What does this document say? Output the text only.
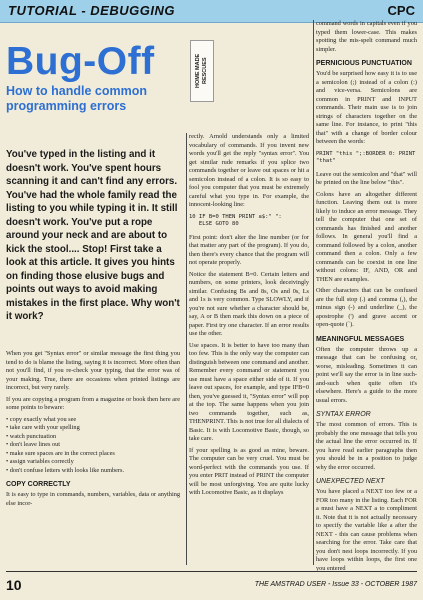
TUTORIAL - DEBUGGING	CPC
Bug-Off

How to handle common programming errors

HOME MADE RESCUES

You've typed in the listing and it doesn't work. You've spent hours scanning it and can't find any errors. You've had the whole family read the listing to you while typing it in. It still doesn't work. You've put a rope around your neck and are about to kick the stool.... Stop! First take a look at this article. It gives you hints on finding those elusive bugs and points out ways to avoid making mistakes in the first place. Why won't it work?

When you get "Syntax error" or similar message the first thing you tend to do is blame the listing, saying it is incorrect. More often than not you'll find, if you re-check your typing, that the error was of your making. True, there are occasions when printed listings are incorrect, but very rarely.

If you are copying a program from a magazine or book then here are some points to beware:

• copy exactly what you see
• take care with your spelling
• watch punctuation
• don't leave lines out
• make sure spaces are in the correct places
• assign variables correctly
• don't confuse letters with looks like numbers.
COPY CORRECTLY

It is easy to type in commands, numbers, variables, data or anything else incor-

rectly. Arnold understands only a limited vocabulary of commands. If you invent new words you'll get the reply "syntax error". You get similar rude remarks if you splice two commands together or leave out spaces or hit a semicolon instead of a colon. It is so easy to fool you computer that you must be extremely careful what you type in. For example, the innocent-looking line:

10 IF B=0 THEN PRINT a$:" ":
ELSE GOTO 80

First point: don't alter the line number (or for that matter any part of the program). If you do, then there's every chance that the program will not operate properly.

Notice the statement B=0. Certain letters and numbers, on some printers, look deceivingly similar. Confusing Bs and 8s, Os and 0s, Ls and 1s is very common. Type SLOWLY, and if you're not sure whether a character should be, say, A or B then mark this down on a piece of paper. First try one character. If an error results use the other.

Use spaces. It is better to have too many than too few. This is the only way the computer can distinguish between one command and another. Remember every command or statement you use must have a space either side of it. If you leave out spaces, for example, and type IFB=0 then, you've guessed it, "Syntax error" will pop at the top. The same happens when you join two commands together, such as, THENPRINT. This is not true for all dialects of Basic. It is with Locomotive Basic, though, so take care.

If your spelling is as good as mine, beware. The computer can be very cruel. You must be word-perfect with the commands you use. If you enter PRIT instead of PRINT the computer will be most unforgiving. You are quite lucky with Locomotive Basic, as it displays

command words in capitals even if you typed them lower-case. This makes spotting the mis-spelt command much simpler.

PERNICIOUS PUNCTUATION

You'd be surprised how easy it is to use a semicolon (;) instead of a colon (:) and vice-versa. Semicolons are common in PRINT and INPUT commands. Their main use is to join strings of characters together on the same line. For instance, to print "this that" with a change of border colour between the words:

PRINT "this ";:BORDER 0: PRINT "that"

Leave out the semicolon and "that" will be printed on the line below "this".

Colons have an altogether different function. Leaving them out is more likely to induce an error message. They tell the computer that one set of commands has finished and another follows. In general you'll find a command followed by a colon, another command then a colon. Only a few commands can be coexist in one line without colons: IF, AND, OR and THEN are examples.

Other characters that can be confused are the full stop (.) and comma (,), the minus sign (-) and underline (_), the apostrophe (') and grave accent or open-quote (`).

MEANINGFUL MESSAGES

Often the computer throws up a message that can be confusing or, worse, misleading. Sometimes it can point we'll say the error is in line such-and-such when quite often it's elsewhere. Here's a guide to the more usual errors.

SYNTAX ERROR

The most common of errors. This is probably the one message that tells you the actual line the error occurred in. If you have read earlier paragraphs then you should be in a position to judge why the error occurred.

UNEXPECTED NEXT

You have placed a NEXT too few or a FOR too many in the listing. Each FOR a must have a NEXT a to compliment it. Note that it is not actually necessary to specify the variable like a after the NEXT - this can cause problems when searching for the error. Take care that you don't nest loops incorrectly. If you have loops within loops, the first one you entered

10	THE AMSTRAD USER - Issue 33 - OCTOBER 1987
